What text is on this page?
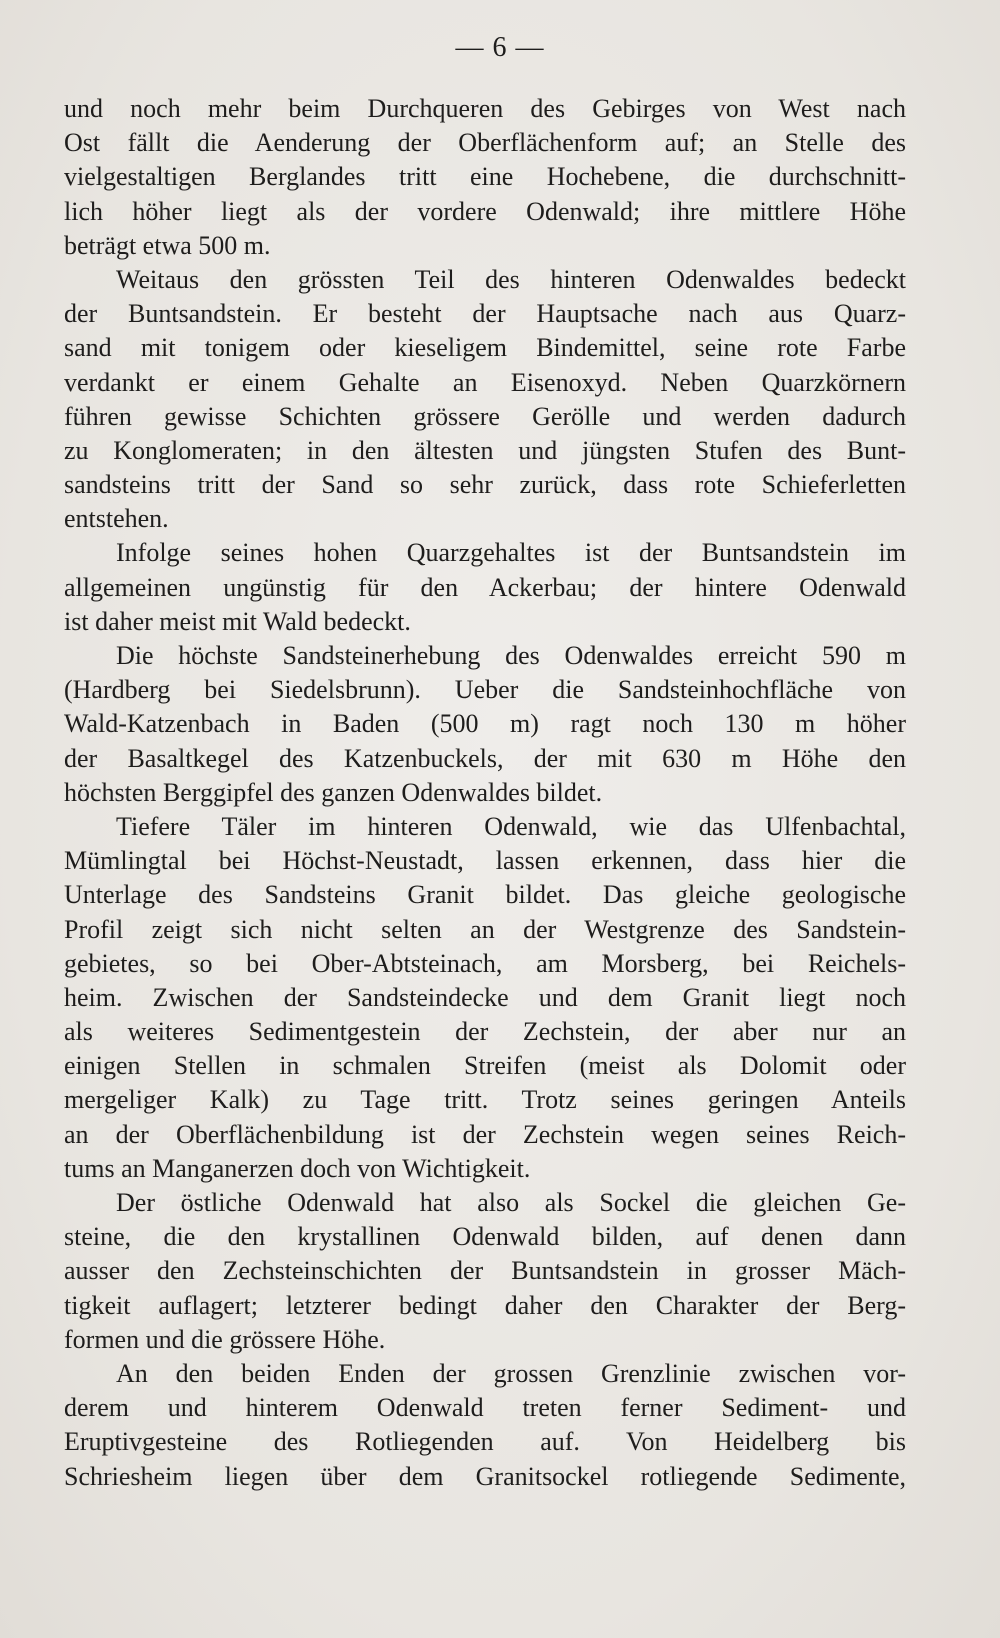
— 6 —
und noch mehr beim Durchqueren des Gebirges von West nach
Ost fällt die Aenderung der Oberflächenform auf; an Stelle des
vielgestaltigen Berglandes tritt eine Hochebene, die durchschnitt-
lich höher liegt als der vordere Odenwald; ihre mittlere Höhe
beträgt etwa 500 m.
Weitaus den grössten Teil des hinteren Odenwaldes bedeckt
der Buntsandstein. Er besteht der Hauptsache nach aus Quarz-
sand mit tonigem oder kieseligem Bindemittel, seine rote Farbe
verdankt er einem Gehalte an Eisenoxyd. Neben Quarzkörnern
führen gewisse Schichten grössere Gerölle und werden dadurch
zu Konglomeraten; in den ältesten und jüngsten Stufen des Bunt-
sandsteins tritt der Sand so sehr zurück, dass rote Schieferletten
entstehen.
Infolge seines hohen Quarzgehaltes ist der Buntsandstein im
allgemeinen ungünstig für den Ackerbau; der hintere Odenwald
ist daher meist mit Wald bedeckt.
Die höchste Sandsteinerhebung des Odenwaldes erreicht 590 m
(Hardberg bei Siedelsbrunn). Ueber die Sandsteinhochfläche von
Wald-Katzenbach in Baden (500 m) ragt noch 130 m höher
der Basaltkegel des Katzenbuckels, der mit 630 m Höhe den
höchsten Berggipfel des ganzen Odenwaldes bildet.
Tiefere Täler im hinteren Odenwald, wie das Ulfenbachtal,
Mümlingtal bei Höchst-Neustadt, lassen erkennen, dass hier die
Unterlage des Sandsteins Granit bildet. Das gleiche geologische
Profil zeigt sich nicht selten an der Westgrenze des Sandstein-
gebietes, so bei Ober-Abtsteinach, am Morsberg, bei Reichels-
heim. Zwischen der Sandsteindecke und dem Granit liegt noch
als weiteres Sedimentgestein der Zechstein, der aber nur an
einigen Stellen in schmalen Streifen (meist als Dolomit oder
mergeliger Kalk) zu Tage tritt. Trotz seines geringen Anteils
an der Oberflächenbildung ist der Zechstein wegen seines Reich-
tums an Manganerzen doch von Wichtigkeit.
Der östliche Odenwald hat also als Sockel die gleichen Ge-
steine, die den krystallinen Odenwald bilden, auf denen dann
ausser den Zechsteinschichten der Buntsandstein in grosser Mäch-
tigkeit auflagert; letzterer bedingt daher den Charakter der Berg-
formen und die grössere Höhe.
An den beiden Enden der grossen Grenzlinie zwischen vor-
derem und hinterem Odenwald treten ferner Sediment- und
Eruptivgesteine des Rotliegenden auf. Von Heidelberg bis
Schriesheim liegen über dem Granitsockel rotliegende Sedimente,
